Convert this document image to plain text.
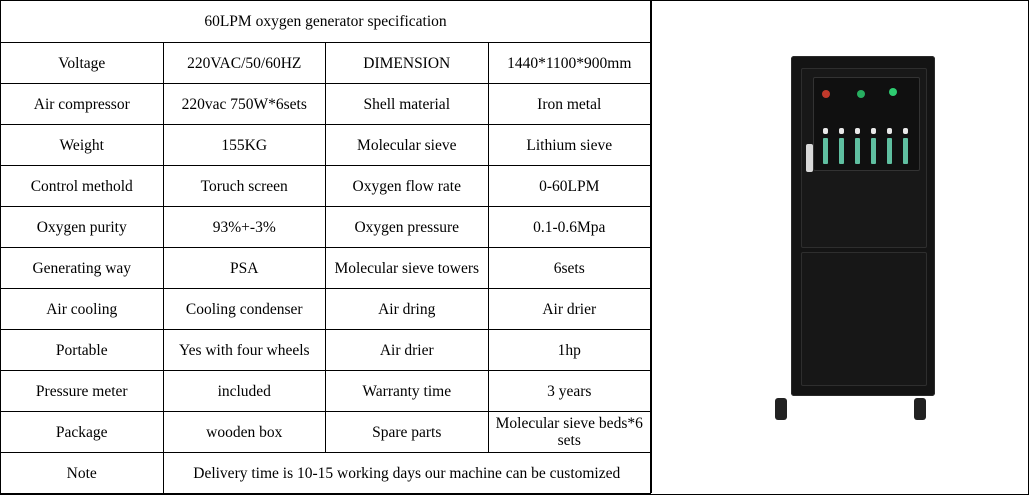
60LPM oxygen generator specification			
Voltage	220VAC/50/60HZ	DIMENSION	1440*1100*900mm
Air compressor	220vac 750W*6sets	Shell material	Iron metal
Weight	155KG	Molecular sieve	Lithium sieve
Control methold	Toruch screen	Oxygen flow rate	0-60LPM
Oxygen purity	93%+-3%	Oxygen pressure	0.1-0.6Mpa
Generating way	PSA	Molecular sieve towers	6sets
Air cooling	Cooling condenser	Air dring	Air drier
Portable	Yes with four wheels	Air drier	1hp
Pressure meter	included	Warranty time	3 years
Package	wooden box	Spare parts	Molecular sieve beds*6 sets
Note	Delivery time is 10-15 working days our machine can be customized		
